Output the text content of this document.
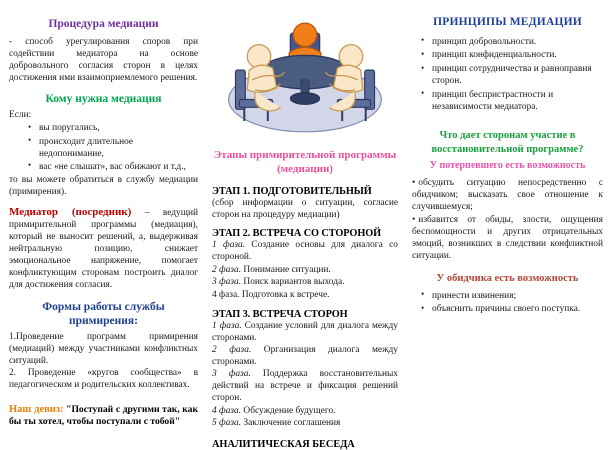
Процедура медиации

- способ урегулирования споров при содействии медиатора на основе добровольного согласия сторон в целях достижения ими взаимоприемлемого решения.

Кому нужна медиация

Если:

• вы поругались,
• происходит длительное недопонимание,
• вас «не слышат», вас обижают и т.д.,

то вы можете обратиться в службу медиации (примирения).

Медиатор (посредник) – ведущий примирительной программы (медиация), который не выносит решений, а, выдерживая нейтральную позицию, снижает эмоциональное напряжение, помогает конфликтующим сторонам построить диалог для достижения согласия.

Формы работы службы примирения:

1.Проведение программ примирения (медиаций) между участниками конфликтных ситуаций.

2. Проведение «кругов сообщества» в педагогическом и родительских коллективах.

Наш девиз: "Поступай с другими так, как бы ты хотел, чтобы поступали с тобой"

Этапы примирительной программы (медиации)
ЭТАП 1. ПОДГОТОВИТЕЛЬНЫЙ

(сбор информации о ситуации, согласие сторон на процедуру медиации)

ЭТАП 2. ВСТРЕЧА СО СТОРОНОЙ

1 фаза. Создание основы для диалога со стороной.

2 фаза. Понимание ситуации.

3 фаза. Поиск вариантов выхода.

4 фаза. Подготовка к встрече.

ЭТАП 3. ВСТРЕЧА СТОРОН

1 фаза. Создание условий для диалога между сторонами.

2 фаза. Организация диалога между сторонами.

3 фаза. Поддержка восстановительных действий на встрече и фиксация решений сторон.

4 фаза. Обсуждение будущего.

5 фаза. Заключение соглашения

АНАЛИТИЧЕСКАЯ БЕСЕДА
ПРИНЦИПЫ МЕДИАЦИИ
• принцип добровольности.
• принцип конфиденциальности.
• принцип сотрудничества и равноправия сторон.
• принцип беспристрастности и независимости медиатора.
Что дает сторонам участие в восстановительной программе?
У потерпевшего есть возможность

• обсудить ситуацию непосредственно с обидчиком; высказать свое отношение к случившемуся;

• избавится от обиды, злости, ощущения беспомощности и других отрицательных эмоций, возникших в следствии конфликтной ситуации.

У обидчика есть возможность
• принести извинения;
• объяснить причины своего поступка.
